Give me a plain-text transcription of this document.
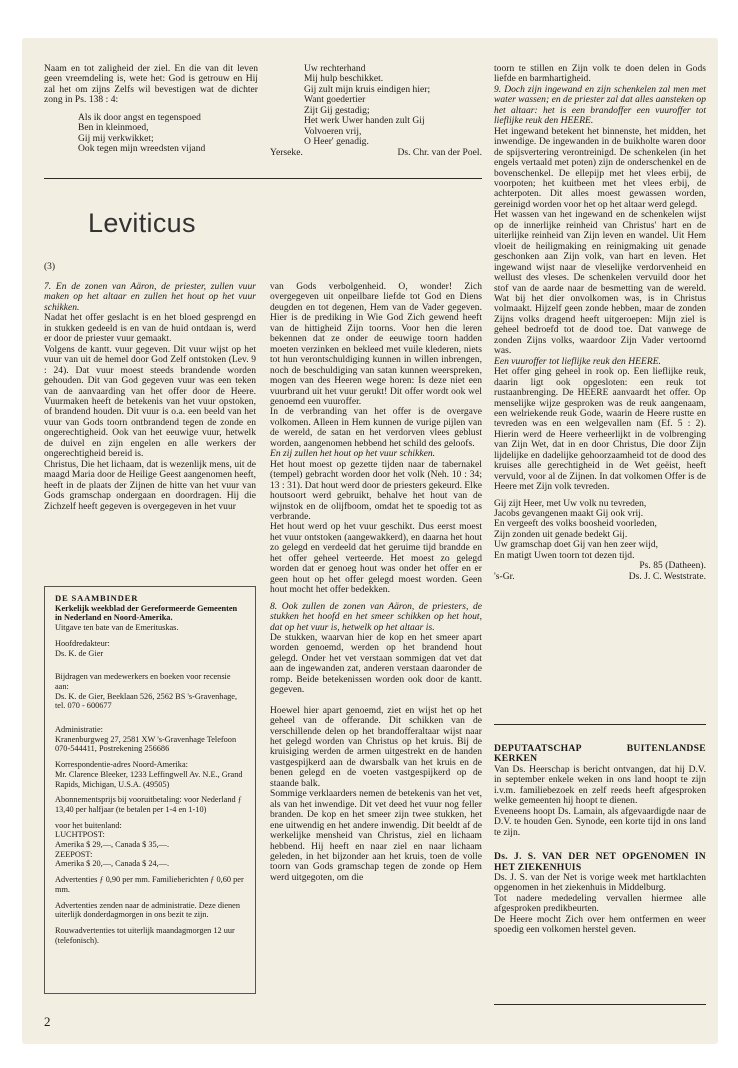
Naam en tot zaligheid der ziel. En die van dit leven geen vreemdeling is, wete het: God is getrouw en Hij zal het om zijns Zelfs wil bevestigen wat de dichter zong in Ps. 138 : 4:

Als ik door angst en tegenspoed

Ben in kleinmoed,

Gij mij verkwikket;

Ook tegen mijn wreedsten vijand

Uw rechterhand

Mij hulp beschikket.

Gij zult mijn kruis eindigen hier;

Want goedertier

Zijt Gij gestadig;

Het werk Uwer handen zult Gij

Volvoeren vrij,

O Heer' genadig.

Yerseke.	Ds. Chr. van der Poel.
Leviticus
(3)

7. En de zonen van Aäron, de priester, zullen vuur maken op het altaar en zullen het hout op het vuur schikken.

Nadat het offer geslacht is en het bloed gesprengd en in stukken gedeeld is en van de huid ontdaan is, werd er door de priester vuur gemaakt.

Volgens de kantt. vuur gegeven. Dit vuur wijst op het vuur van uit de hemel door God Zelf ontstoken (Lev. 9 : 24). Dat vuur moest steeds brandende worden gehouden. Dit van God gegeven vuur was een teken van de aanvaarding van het offer door de Heere. Vuurmaken heeft de betekenis van het vuur opstoken, of brandend houden. Dit vuur is o.a. een beeld van het vuur van Gods toorn ontbrandend tegen de zonde en ongerechtigheid. Ook van het eeuwige vuur, hetwelk de duivel en zijn engelen en alle werkers der ongerechtigheid bereid is.

Christus, Die het lichaam, dat is wezenlijk mens, uit de maagd Maria door de Heilige Geest aangenomen heeft, heeft in de plaats der Zijnen de hitte van het vuur van Gods gramschap ondergaan en doordragen. Hij die Zichzelf heeft gegeven is overgegeven in het vuur

DE SAAMBINDER

Kerkelijk weekblad der Gereformeerde Gemeenten in Nederland en Noord-Amerika.

Uitgave ten bate van de Emerituskas.

Hoofdredakteur:

Ds. K. de Gier

Bijdragen van medewerkers en boeken voor recensie aan:

Ds. K. de Gier, Beeklaan 526, 2562 BS 's-Gravenhage, tel. 070 - 600677

Administratie:

Kranenburgweg 27, 2581 XW 's-Gravenhage Telefoon 070-544411, Postrekening 256686

Korrespondentie-adres Noord-Amerika:

Mr. Clarence Bleeker, 1233 Leffingwell Av. N.E., Grand Rapids, Michigan, U.S.A. (49505)

Abonnementsprijs bij vooruitbetaling: voor Nederland ƒ 13,40 per halfjaar (te betalen per 1-4 en 1-10)

voor het buitenland:

LUCHTPOST:

Amerika $ 29,—, Canada $ 35,—.

ZEEPOST:

Amerika $ 20,—, Canada $ 24,—.

Advertenties ƒ 0,90 per mm. Familieberichten ƒ 0,60 per mm.

Advertenties zenden naar de administratie. Deze dienen uiterlijk donderdagmorgen in ons bezit te zijn.

Rouwadvertenties tot uiterlijk maandagmorgen 12 uur (telefonisch).

van Gods verbolgenheid. O, wonder! Zich overgegeven uit onpeilbare liefde tot God en Diens deugden en tot degenen, Hem van de Vader gegeven. Hier is de prediking in Wie God Zich gewend heeft van de hittigheid Zijn toorns. Voor hen die leren bekennen dat ze onder de eeuwige toorn hadden moeten verzinken en bekleed met vuile klederen, niets tot hun verontschuldiging kunnen in willen inbrengen, noch de beschuldiging van satan kunnen weerspreken, mogen van des Heeren wege horen: Is deze niet een vuurbrand uit het vuur gerukt! Dit offer wordt ook wel genoemd een vuuroffer.

In de verbranding van het offer is de overgave volkomen. Alleen in Hem kunnen de vurige pijlen van de wereld, de satan en het verdorven vlees geblust worden, aangenomen hebbend het schild des geloofs.

En zij zullen het hout op het vuur schikken.

Het hout moest op gezette tijden naar de tabernakel (tempel) gebracht worden door het volk (Neh. 10 : 34; 13 : 31). Dat hout werd door de priesters gekeurd. Elke houtsoort werd gebruikt, behalve het hout van de wijnstok en de olijfboom, omdat het te spoedig tot as verbrande.

Het hout werd op het vuur geschikt. Dus eerst moest het vuur ontstoken (aangewakkerd), en daarna het hout zo gelegd en verdeeld dat het geruime tijd brandde en het offer geheel verteerde. Het moest zo gelegd worden dat er genoeg hout was onder het offer en er geen hout op het offer gelegd moest worden. Geen hout mocht het offer bedekken.

8. Ook zullen de zonen van Aäron, de priesters, de stukken het hoofd en het smeer schikken op het hout, dat op het vuur is, hetwelk op het altaar is.

De stukken, waarvan hier de kop en het smeer apart worden genoemd, werden op het brandend hout gelegd. Onder het vet verstaan sommigen dat vet dat aan de ingewanden zat, anderen verstaan daaronder de romp. Beide betekenissen worden ook door de kantt. gegeven.

Hoewel hier apart genoemd, ziet en wijst het op het geheel van de offerande. Dit schikken van de verschillende delen op het brandofferaltaar wijst naar het gelegd worden van Christus op het kruis. Bij de kruisiging werden de armen uitgestrekt en de handen vastgespijkerd aan de dwarsbalk van het kruis en de benen gelegd en de voeten vastgespijkerd op de staande balk.

Sommige verklaarders nemen de betekenis van het vet, als van het inwendige. Dit vet deed het vuur nog feller branden. De kop en het smeer zijn twee stukken, het ene uitwendig en het andere inwendig. Dit beeldt af de werkelijke mensheid van Christus, ziel en lichaam hebbend. Hij heeft en naar ziel en naar lichaam geleden, in het bijzonder aan het kruis, toen de volle toorn van Gods gramschap tegen de zonde op Hem werd uitgegoten, om die

toorn te stillen en Zijn volk te doen delen in Gods liefde en barmhartigheid.

9. Doch zijn ingewand en zijn schenkelen zal men met water wassen; en de priester zal dat alles aansteken op het altaar: het is een brandoffer een vuuroffer tot lieflijke reuk den HEERE.

Het ingewand betekent het binnenste, het midden, het inwendige. De ingewanden in de buikholte waren door de spijsvertering verontreinigd. De schenkelen (in het engels vertaald met poten) zijn de onderschenkel en de bovenschenkel. De ellepijp met het vlees erbij, de voorpoten; het kuitbeen met het vlees erbij, de achterpoten. Dit alles moest gewassen worden, gereinigd worden voor het op het altaar werd gelegd.

Het wassen van het ingewand en de schenkelen wijst op de innerlijke reinheid van Christus' hart en de uiterlijke reinheid van Zijn leven en wandel. Uit Hem vloeit de heiligmaking en reinigmaking uit genade geschonken aan Zijn volk, van hart en leven. Het ingewand wijst naar de vleselijke verdorvenheid en wellust des vleses. De schenkelen vervuild door het stof van de aarde naar de besmetting van de wereld. Wat bij het dier onvolkomen was, is in Christus volmaakt. Hijzelf geen zonde hebben, maar de zonden Zijns volks dragend heeft uitgeroepen: Mijn ziel is geheel bedroefd tot de dood toe. Dat vanwege de zonden Zijns volks, waardoor Zijn Vader vertoornd was.

Een vuuroffer tot lieflijke reuk den HEERE.

Het offer ging geheel in rook op. Een lieflijke reuk, daarin ligt ook opgesloten: een reuk tot rustaanbrenging. De HEERE aanvaardt het offer. Op menselijke wijze gesproken was de reuk aangenaam, een welriekende reuk Gode, waarin de Heere rustte en tevreden was en een welgevallen nam (Ef. 5 : 2). Hierin werd de Heere verheerlijkt in de volbrenging van Zijn Wet, dat in en door Christus, Die door Zijn lijdelijke en dadelijke gehoorzaamheid tot de dood des kruises alle gerechtigheid in de Wet geëist, heeft vervuld, voor al de Zijnen. In dat volkomen Offer is de Heere met Zijn volk tevreden.

Gij zijt Heer, met Uw volk nu tevreden,

Jacobs gevangenen maakt Gij ook vrij.

En vergeeft des volks boosheid voorleden,

Zijn zonden uit genade bedekt Gij.

Uw gramschap doet Gij van hen zeer wijd,

En matigt Uwen toorn tot dezen tijd.

Ps. 85 (Datheen).

's-Gr.	Ds. J. C. Weststrate.

DEPUTAATSCHAP BUITENLANDSE KERKEN

Van Ds. Heerschap is bericht ontvangen, dat hij D.V. in september enkele weken in ons land hoopt te zijn i.v.m. familiebezoek en zelf reeds heeft afgesproken welke gemeenten hij hoopt te dienen.

Eveneens hoopt Ds. Lamain, als afgevaardigde naar de D.V. te houden Gen. Synode, een korte tijd in ons land te zijn.

Ds. J. S. VAN DER NET OPGENOMEN IN HET ZIEKENHUIS

Ds. J. S. van der Net is vorige week met hartklachten opgenomen in het ziekenhuis in Middelburg.

Tot nadere mededeling vervallen hiermee alle afgesproken predikbeurten.

De Heere mocht Zich over hem ontfermen en weer spoedig een volkomen herstel geven.

2
